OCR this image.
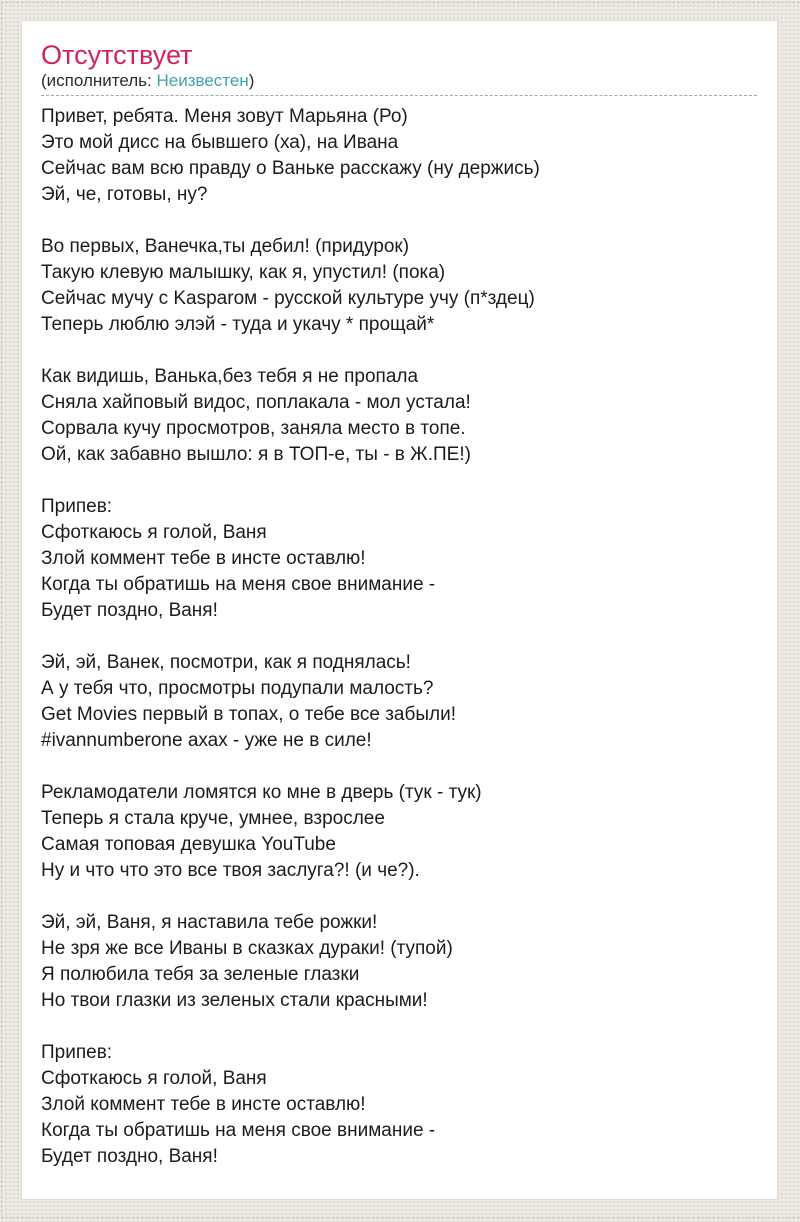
Отсутствует
(исполнитель: Неизвестен)
Привет, ребята. Меня зовут Марьяна (Ро)
Это мой дисс на бывшего (ха), на Ивана
Сейчас вам всю правду о Ваньке расскажу (ну держись)
Эй, че, готовы, ну?
Во первых, Ванечка,ты дебил! (придурок)
Такую клевую малышку, как я, упустил! (пока)
Сейчас мучу с Kasparом - русской культуре учу (п*здец)
Теперь люблю элэй - туда и укачу * прощай*
Как видишь, Ванька,без тебя я не пропала
Сняла хайповый видос, поплакала - мол устала!
Сорвала кучу просмотров, заняла место в топе.
Ой, как забавно вышло: я в ТОП-е, ты - в Ж.ПЕ!)
Припев:
Сфоткаюсь я голой, Ваня
Злой коммент тебе в инсте оставлю!
Когда ты обратишь на меня свое внимание -
Будет поздно, Ваня!
Эй, эй, Ванек, посмотри, как я поднялась!
А у тебя что, просмотры подупали малость?
Get Movies первый в топах, о тебе все забыли!
#ivannumberone ахах - уже не в силе!
Рекламодатели ломятся ко мне в дверь (тук - тук)
Теперь я стала круче, умнее, взрослее
Самая топовая девушка YouTube
Ну и что что это все твоя заслуга?! (и че?).
Эй, эй, Ваня, я наставила тебе рожки!
Не зря же все Иваны в сказках дураки! (тупой)
Я полюбила тебя за зеленые глазки
Но твои глазки из зеленых стали красными!
Припев:
Сфоткаюсь я голой, Ваня
Злой коммент тебе в инсте оставлю!
Когда ты обратишь на меня свое внимание -
Будет поздно, Ваня!
